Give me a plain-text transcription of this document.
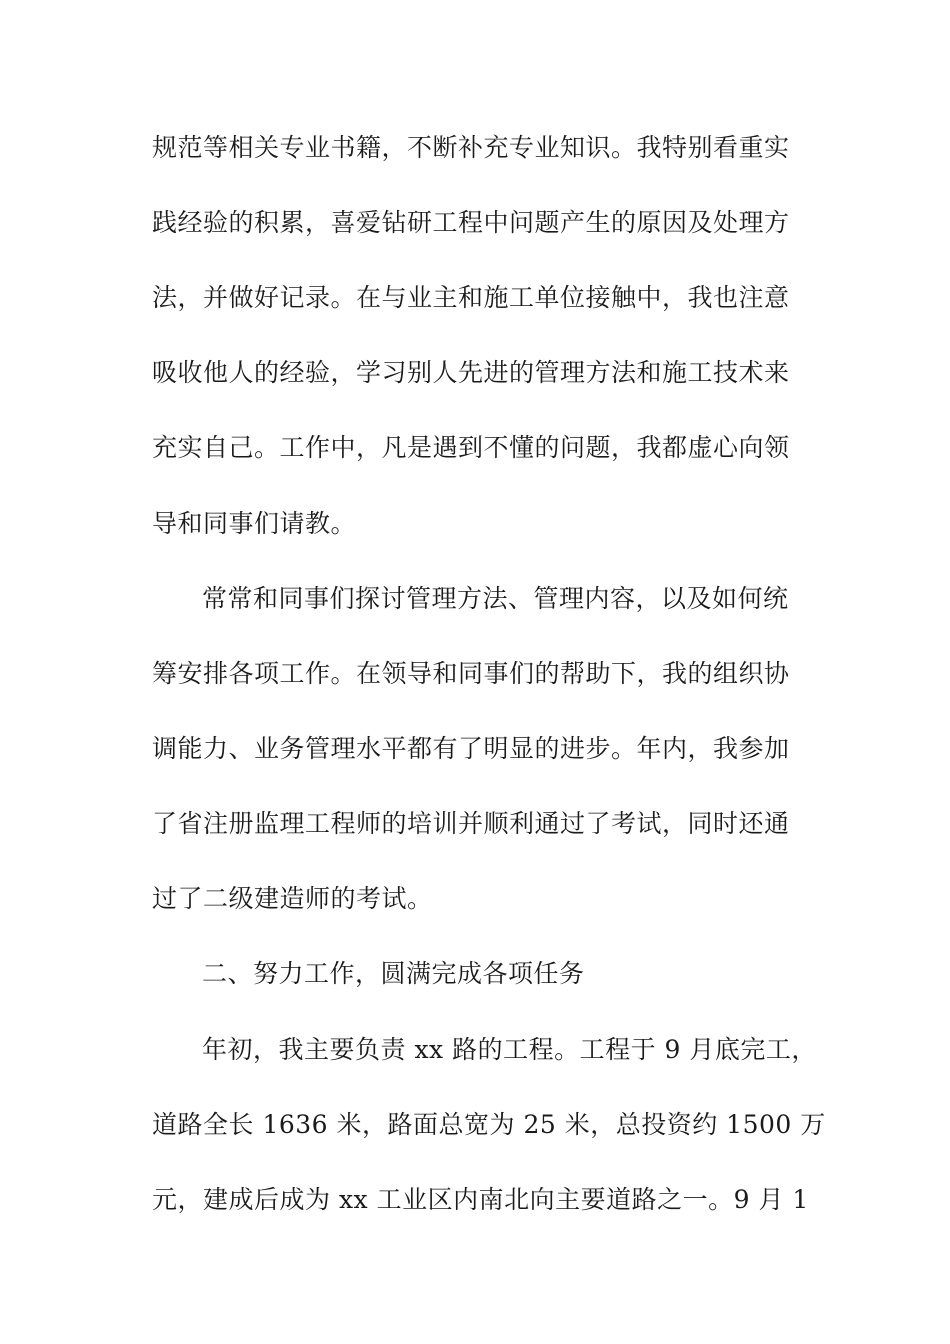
规范等相关专业书籍，不断补充专业知识。我特别看重实
践经验的积累，喜爱钻研工程中问题产生的原因及处理方
法，并做好记录。在与业主和施工单位接触中，我也注意
吸收他人的经验，学习别人先进的管理方法和施工技术来
充实自己。工作中，凡是遇到不懂的问题，我都虚心向领
导和同事们请教。
常常和同事们探讨管理方法、管理内容，以及如何统
筹安排各项工作。在领导和同事们的帮助下，我的组织协
调能力、业务管理水平都有了明显的进步。年内，我参加
了省注册监理工程师的培训并顺利通过了考试，同时还通
过了二级建造师的考试。
二、努力工作，圆满完成各项任务
年初，我主要负责 xx 路的工程。工程于 9 月底完工，
道路全长 1636 米，路面总宽为 25 米，总投资约 1500 万
元，建成后成为 xx 工业区内南北向主要道路之一。9 月 1
